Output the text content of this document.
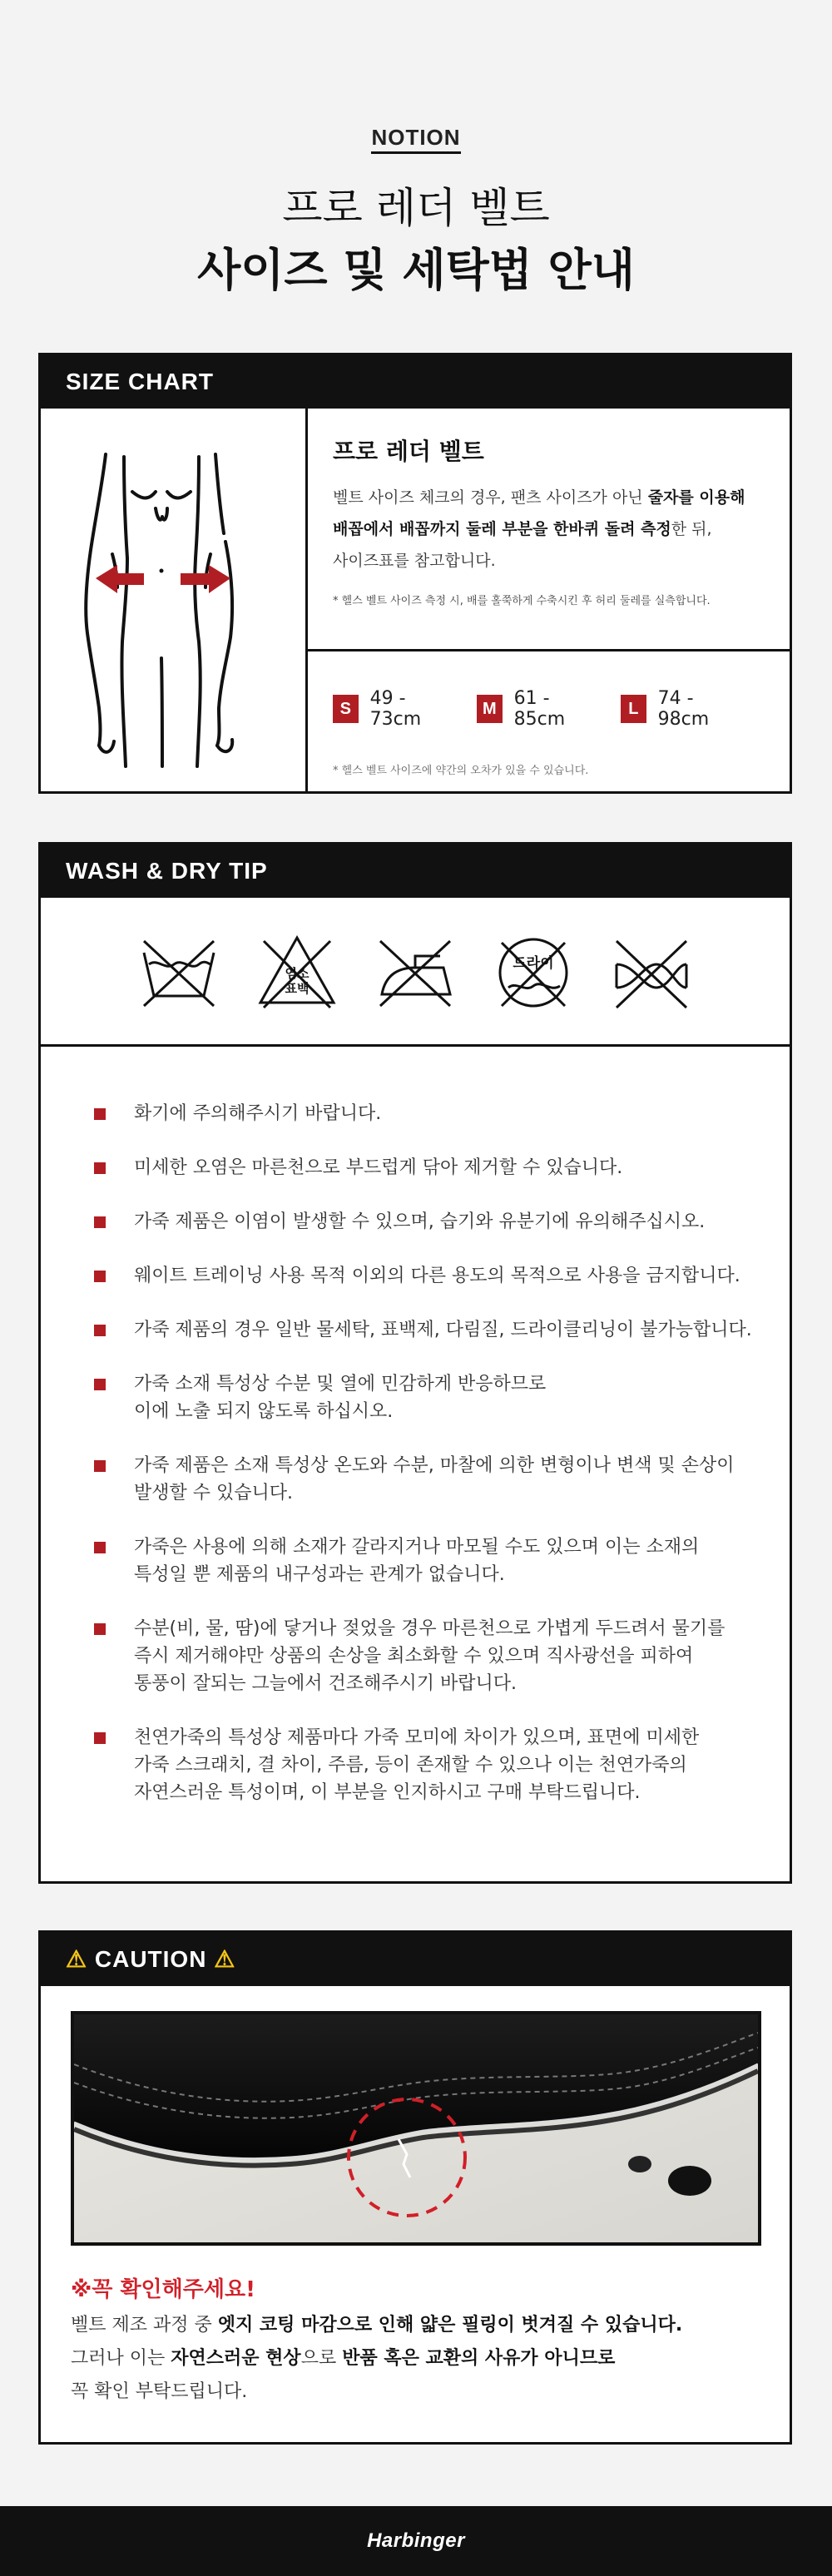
NOTION
프로 레더 벨트
사이즈 및 세탁법 안내
SIZE CHART
프로 레더 벨트
벨트 사이즈 체크의 경우, 팬츠 사이즈가 아닌 줄자를 이용해
배꼽에서 배꼽까지 둘레 부분을 한바퀴 돌려 측정한 뒤,
사이즈표를 참고합니다.
* 헬스 벨트 사이즈 측정 시, 배를 홀쭉하게 수축시킨 후 허리 둘레를 실측합니다.
S	49 - 73cm
M 61 - 85cm
L	74 - 98cm
* 헬스 벨트 사이즈에 약간의 오차가 있을 수 있습니다.
WASH & DRY TIP
염소
표백
드라이
화기에 주의해주시기 바랍니다.
미세한 오염은 마른천으로 부드럽게 닦아 제거할 수 있습니다.
가죽 제품은 이염이 발생할 수 있으며, 습기와 유분기에 유의해주십시오.
웨이트 트레이닝 사용 목적 이외의 다른 용도의 목적으로 사용을 금지합니다.
가죽 제품의 경우 일반 물세탁, 표백제, 다림질, 드라이클리닝이 불가능합니다.
가죽 소재 특성상 수분 및 열에 민감하게 반응하므로
이에 노출 되지 않도록 하십시오.
가죽 제품은 소재 특성상 온도와 수분, 마찰에 의한 변형이나 변색 및 손상이
발생할 수 있습니다.
가죽은 사용에 의해 소재가 갈라지거나 마모될 수도 있으며 이는 소재의
특성일 뿐 제품의 내구성과는 관계가 없습니다.
수분(비, 물, 땀)에 닿거나 젖었을 경우 마른천으로 가볍게 두드려서 물기를
즉시 제거해야만 상품의 손상을 최소화할 수 있으며 직사광선을 피하여
통풍이 잘되는 그늘에서 건조해주시기 바랍니다.
천연가죽의 특성상 제품마다 가죽 모미에 차이가 있으며, 표면에 미세한
가죽 스크래치, 결 차이, 주름, 등이 존재할 수 있으나 이는 천연가죽의
자연스러운 특성이며, 이 부분을 인지하시고 구매 부탁드립니다.
⚠ CAUTION ⚠
※꼭 확인해주세요!
벨트 제조 과정 중 엣지 코팅 마감으로 인해 얇은 필링이 벗겨질 수 있습니다.
그러나 이는 자연스러운 현상으로 반품 혹은 교환의 사유가 아니므로
꼭 확인 부탁드립니다.
Harbinger
